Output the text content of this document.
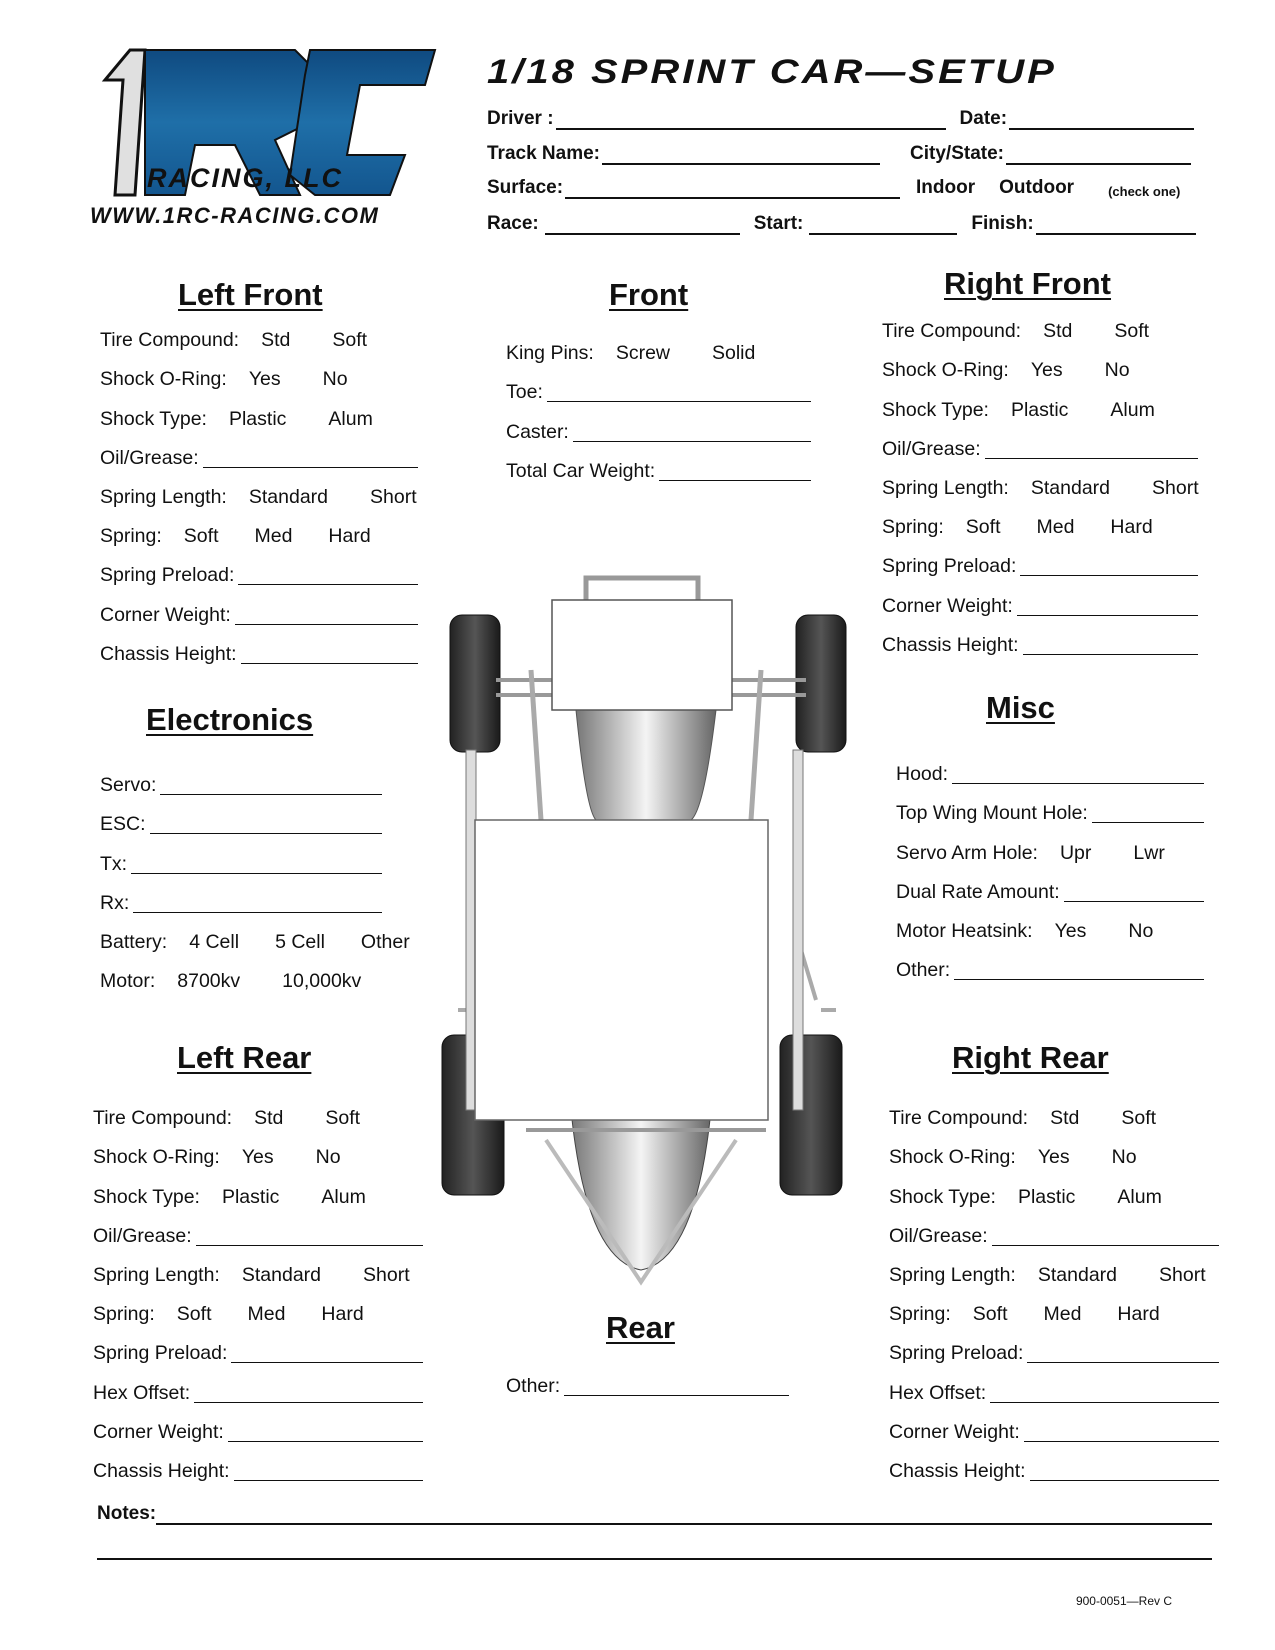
RACING, LLC
WWW.1RC-RACING.COM
1/18 SPRINT CAR—SETUP
Driver :	Date:
Track Name:	City/State:
Surface:	Indoor Outdoor	(check one)
Race:	Start:	Finish:
Left Front	Front	Right Front
Electronics	Misc
Left Rear	Right Rear
Rear
Tire Compound: Std Soft
Shock O-Ring: Yes No
Shock Type: Plastic Alum
Oil/Grease:
Spring Length: Standard Short
Spring: Soft Med Hard
Spring Preload:
Corner Weight:
Chassis Height:
King Pins: Screw Solid
Toe:
Caster:
Total Car Weight:
Tire Compound: Std Soft
Shock O-Ring: Yes No
Shock Type: Plastic Alum
Oil/Grease:
Spring Length: Standard Short
Spring: Soft Med Hard
Spring Preload:
Corner Weight:
Chassis Height:
Servo:
ESC:
Tx:
Rx:
Battery: 4 Cell 5 Cell Other
Motor: 8700kv 10,000kv
Hood:
Top Wing Mount Hole:
Servo Arm Hole: Upr Lwr
Dual Rate Amount:
Motor Heatsink: Yes No
Other:
Tire Compound: Std Soft
Shock O-Ring: Yes No
Shock Type: Plastic Alum
Oil/Grease:
Spring Length: Standard Short
Spring: Soft Med Hard
Spring Preload:
Hex Offset:
Corner Weight:
Chassis Height:
Tire Compound: Std Soft
Shock O-Ring: Yes No
Shock Type: Plastic Alum
Oil/Grease:
Spring Length: Standard Short
Spring: Soft Med Hard
Spring Preload:
Hex Offset:
Corner Weight:
Chassis Height:
Other:
Notes:
900-0051—Rev C
